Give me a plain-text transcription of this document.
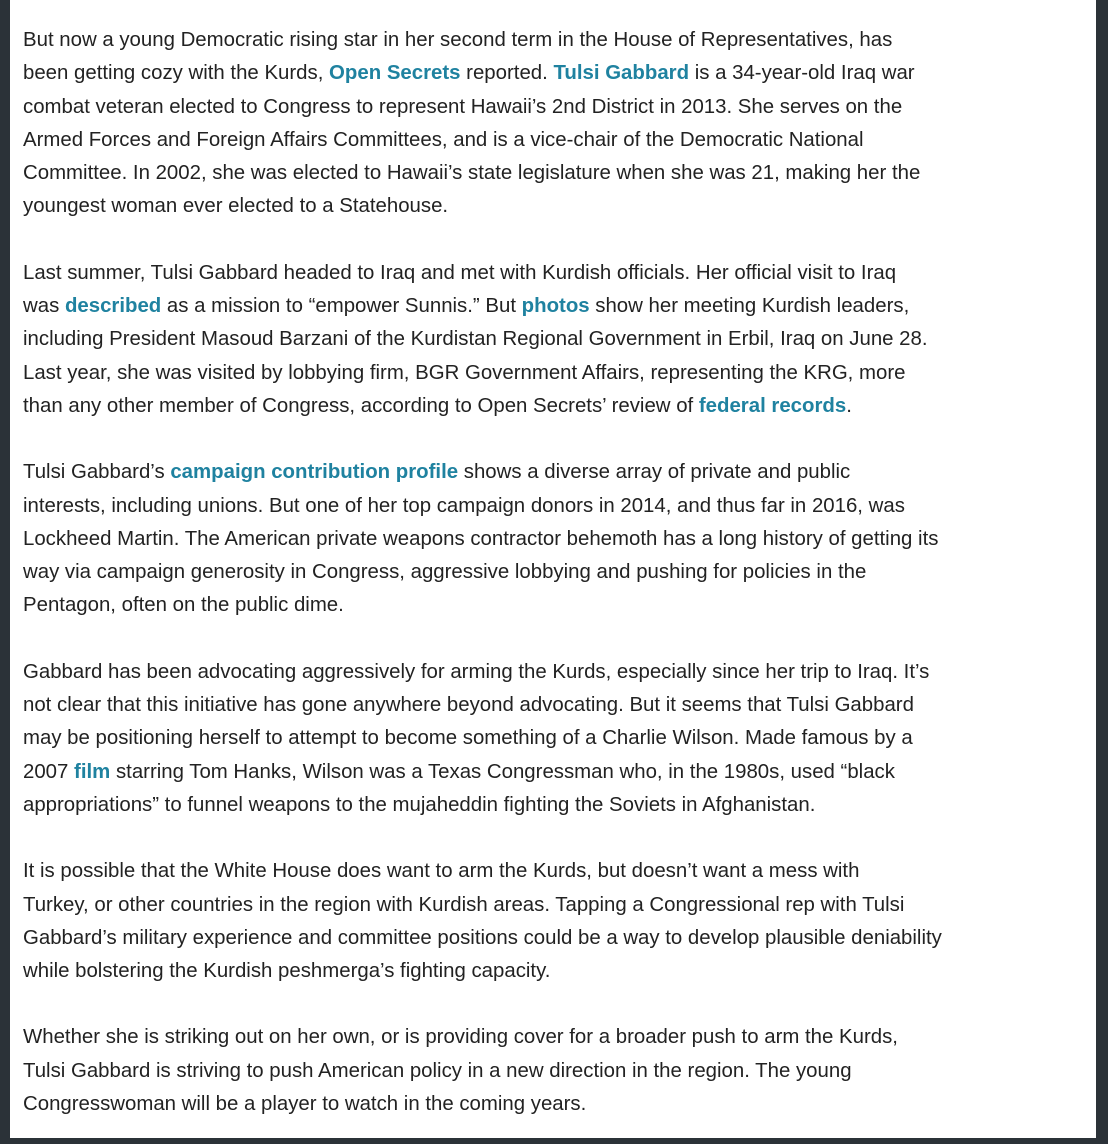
But now a young Democratic rising star in her second term in the House of Representatives, has
been getting cozy with the Kurds, Open Secrets reported. Tulsi Gabbard is a 34-year-old Iraq war
combat veteran elected to Congress to represent Hawaii’s 2nd District in 2013. She serves on the
Armed Forces and Foreign Affairs Committees, and is a vice-chair of the Democratic National
Committee. In 2002, she was elected to Hawaii’s state legislature when she was 21, making her the
youngest woman ever elected to a Statehouse.

Last summer, Tulsi Gabbard headed to Iraq and met with Kurdish officials. Her official visit to Iraq
was described as a mission to “empower Sunnis.” But photos show her meeting Kurdish leaders,
including President Masoud Barzani of the Kurdistan Regional Government in Erbil, Iraq on June 28.
Last year, she was visited by lobbying firm, BGR Government Affairs, representing the KRG, more
than any other member of Congress, according to Open Secrets’ review of federal records.

Tulsi Gabbard’s campaign contribution profile shows a diverse array of private and public
interests, including unions. But one of her top campaign donors in 2014, and thus far in 2016, was
Lockheed Martin. The American private weapons contractor behemoth has a long history of getting its
way via campaign generosity in Congress, aggressive lobbying and pushing for policies in the
Pentagon, often on the public dime.

Gabbard has been advocating aggressively for arming the Kurds, especially since her trip to Iraq. It’s
not clear that this initiative has gone anywhere beyond advocating. But it seems that Tulsi Gabbard
may be positioning herself to attempt to become something of a Charlie Wilson. Made famous by a
2007 film starring Tom Hanks, Wilson was a Texas Congressman who, in the 1980s, used “black
appropriations” to funnel weapons to the mujaheddin fighting the Soviets in Afghanistan.

It is possible that the White House does want to arm the Kurds, but doesn’t want a mess with
Turkey, or other countries in the region with Kurdish areas. Tapping a Congressional rep with Tulsi
Gabbard’s military experience and committee positions could be a way to develop plausible deniability
while bolstering the Kurdish peshmerga’s fighting capacity.

Whether she is striking out on her own, or is providing cover for a broader push to arm the Kurds,
Tulsi Gabbard is striving to push American policy in a new direction in the region. The young
Congresswoman will be a player to watch in the coming years.
